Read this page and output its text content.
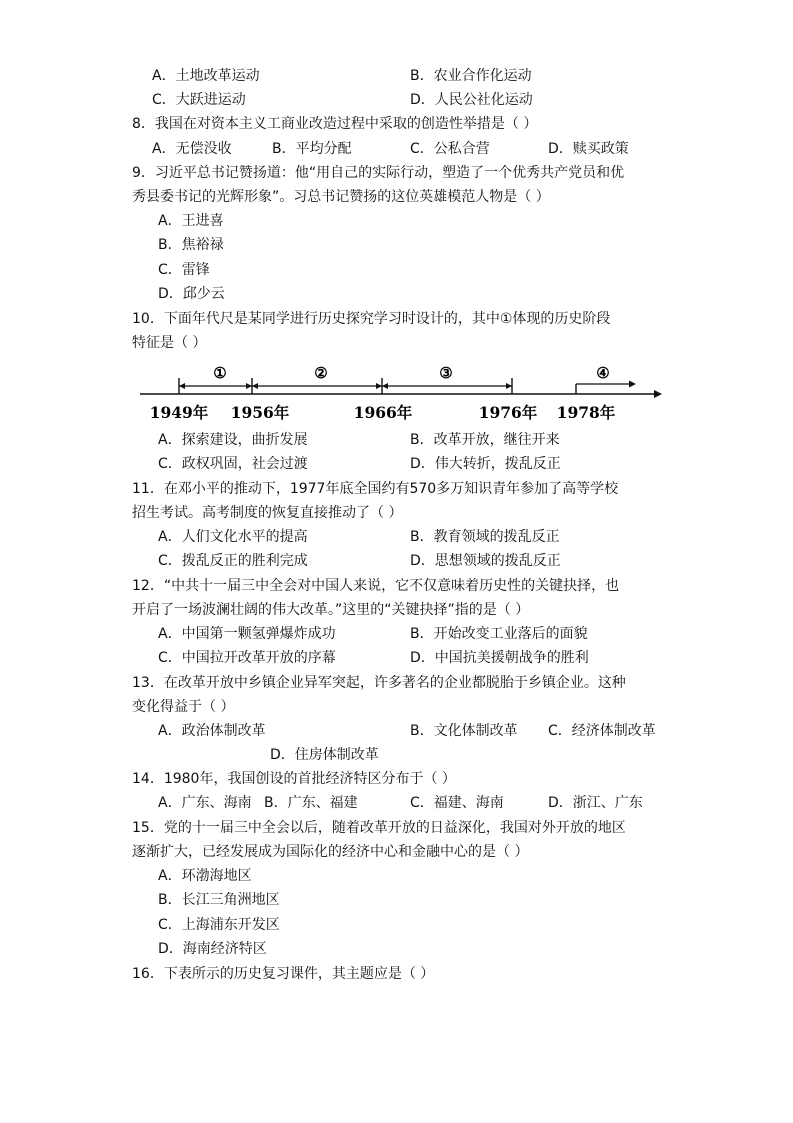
A．土地改革运动	B．农业合作化运动
C．大跃进运动	D．人民公社化运动
8．我国在对资本主义工商业改造过程中采取的创造性举措是（ ）
A．无偿没收	B．平均分配	C．公私合营	D．赎买政策
9．习近平总书记赞扬道：他“用自己的实际行动，塑造了一个优秀共产党员和优
秀县委书记的光辉形象”。习总书记赞扬的这位英雄模范人物是（ ）
A．王进喜
B．焦裕禄
C．雷锋
D．邱少云
10．下面年代尺是某同学进行历史探究学习时设计的，其中①体现的历史阶段
特征是（ ）
①	②	③	④
1949年 1956年	1966年	1976年 1978年
A．探索建设，曲折发展	B．改革开放，继往开来
C．政权巩固，社会过渡	D．伟大转折，拨乱反正
11．在邓小平的推动下，1977年底全国约有570多万知识青年参加了高等学校
招生考试。高考制度的恢复直接推动了（ ）
A．人们文化水平的提高	B．教育领域的拨乱反正
C．拨乱反正的胜利完成	D．思想领域的拨乱反正
12．“中共十一届三中全会对中国人来说，它不仅意味着历史性的关键抉择，也
开启了一场波澜壮阔的伟大改革。”这里的“关键抉择”指的是（ ）
A．中国第一颗氢弹爆炸成功	B．开始改变工业落后的面貌
C．中国拉开改革开放的序幕	D．中国抗美援朝战争的胜利
13．在改革开放中乡镇企业异军突起，许多著名的企业都脱胎于乡镇企业。这种
变化得益于（ ）
A．政治体制改革	B．文化体制改革 C．经济体制改革
D．住房体制改革
14．1980年，我国创设的首批经济特区分布于（ ）
A．广东、海南 B．广东、福建	C．福建、海南	D．浙江、广东
15．党的十一届三中全会以后，随着改革开放的日益深化，我国对外开放的地区
逐渐扩大，已经发展成为国际化的经济中心和金融中心的是（ ）
A．环渤海地区
B．长江三角洲地区
C．上海浦东开发区
D．海南经济特区
16．下表所示的历史复习课件，其主题应是（ ）
